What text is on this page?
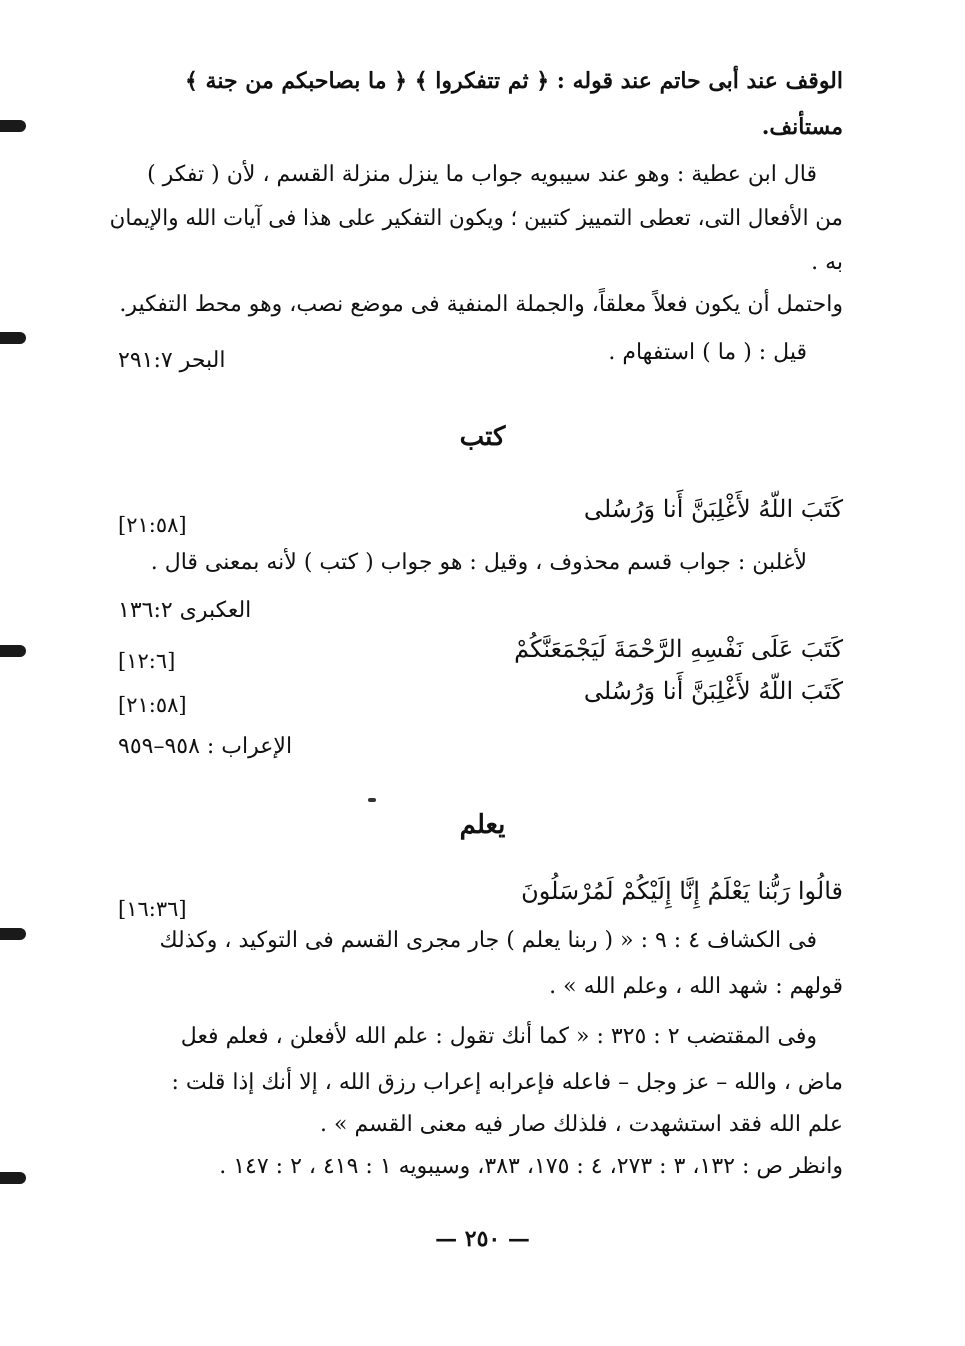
الوقف عند أبى حاتم عند قوله : ﴿ ثم تتفكروا ﴾ ﴿ ما بصاحبكم من جنة ﴾
مستأنف.
قال ابن عطية : وهو عند سيبويه جواب ما ينزل منزلة القسم ، لأن ( تفكر )
من الأفعال التى، تعطى التمييز كتبين ؛ ويكون التفكير على هذا فى آيات الله والإيمان
به .
واحتمل أن يكون فعلاً معلقاً، والجملة المنفية فى موضع نصب، وهو محط التفكير.
قيل : ( ما ) استفهام .
البحر ٢٩١:٧
كتب
كَتَبَ اللّهُ لأَغْلِبَنَّ أَنا وَرُسُلى
[٢١:٥٨]
لأغلبن : جواب قسم محذوف ، وقيل : هو جواب ( كتب ) لأنه بمعنى قال .
العكبرى ١٣٦:٢
كَتَبَ عَلَى نَفْسِهِ الرَّحْمَةَ لَيَجْمَعَنَّكُمْ
[١٢:٦]
كَتَبَ اللّهُ لأَغْلِبَنَّ أَنا وَرُسُلى
[٢١:٥٨]
الإعراب : ٩٥٨–٩٥٩
يعلم
قالُوا رَبُّنا يَعْلَمُ إِنَّا إِلَيْكُمْ لَمُرْسَلُونَ
[١٦:٣٦]
فى الكشاف ٤ : ٩ : « ( ربنا يعلم ) جار مجرى القسم فى التوكيد ، وكذلك
قولهم : شهد الله ، وعلم الله » .
وفى المقتضب ٢ : ٣٢٥ : « كما أنك تقول : علم الله لأفعلن ، فعلم فعل
ماض ، والله – عز وجل – فاعله فإعرابه إعراب رزق الله ، إلا أنك إذا قلت :
علم الله فقد استشهدت ، فلذلك صار فيه معنى القسم » .
وانظر ص : ١٣٢، ٣ : ٢٧٣، ٤ : ١٧٥، ٣٨٣، وسيبويه ١ : ٤١٩ ، ٢ : ١٤٧ .
— ٢٥٠ —
